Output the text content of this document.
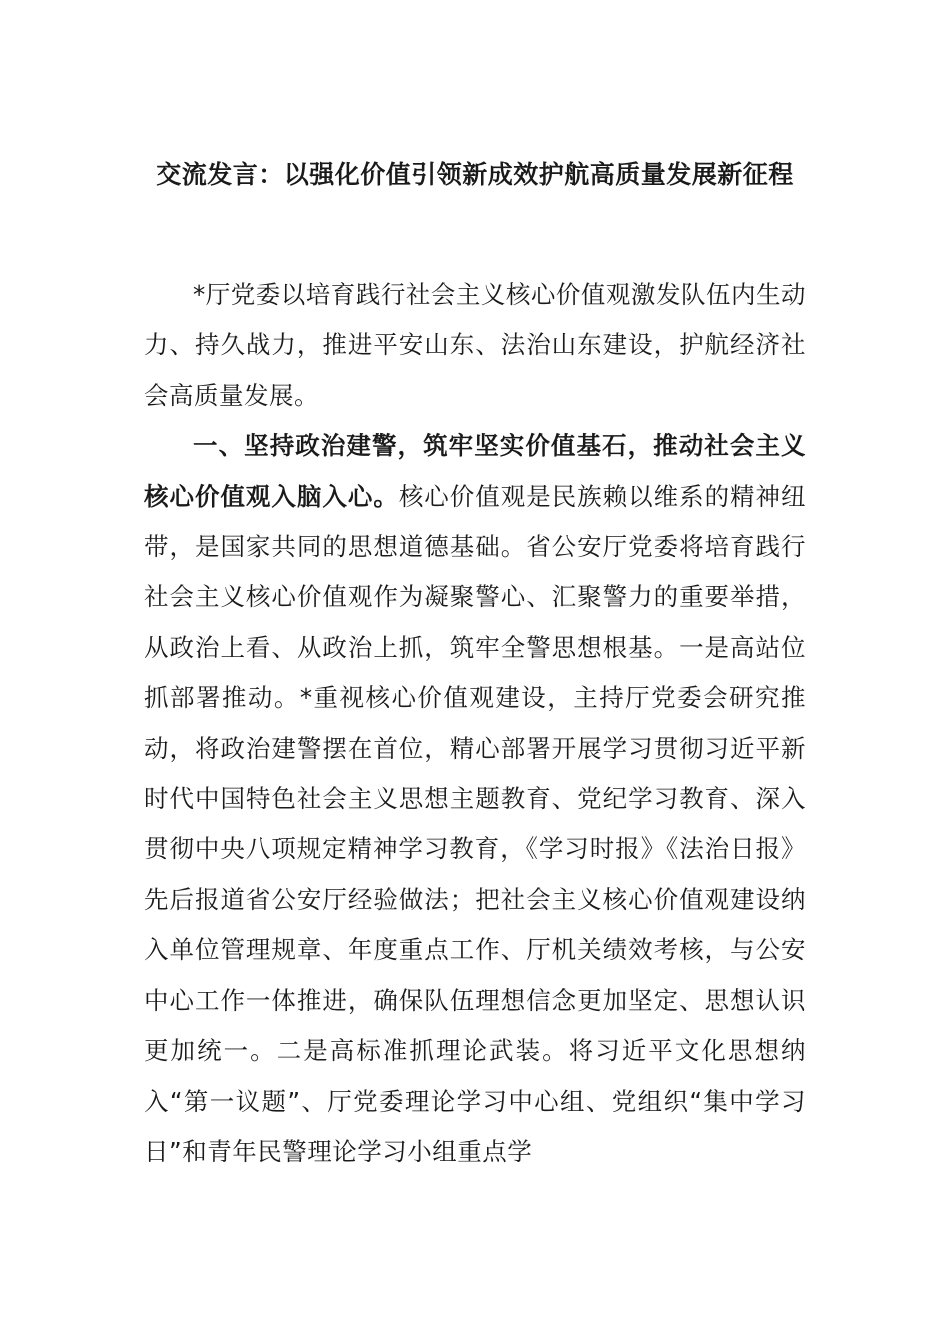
交流发言：以强化价值引领新成效护航高质量发展新征程

*厅党委以培育践行社会主义核心价值观激发队伍内生动力、持久战力，推进平安山东、法治山东建设，护航经济社会高质量发展。

一、坚持政治建警，筑牢坚实价值基石，推动社会主义核心价值观入脑入心。核心价值观是民族赖以维系的精神纽带，是国家共同的思想道德基础。省公安厅党委将培育践行社会主义核心价值观作为凝聚警心、汇聚警力的重要举措，从政治上看、从政治上抓，筑牢全警思想根基。一是高站位抓部署推动。*重视核心价值观建设，主持厅党委会研究推动，将政治建警摆在首位，精心部署开展学习贯彻习近平新时代中国特色社会主义思想主题教育、党纪学习教育、深入贯彻中央八项规定精神学习教育，《学习时报》《法治日报》先后报道省公安厅经验做法；把社会主义核心价值观建设纳入单位管理规章、年度重点工作、厅机关绩效考核，与公安中心工作一体推进，确保队伍理想信念更加坚定、思想认识更加统一。二是高标准抓理论武装。将习近平文化思想纳入“第一议题”、厅党委理论学习中心组、党组织“集中学习日”和青年民警理论学习小组重点学
